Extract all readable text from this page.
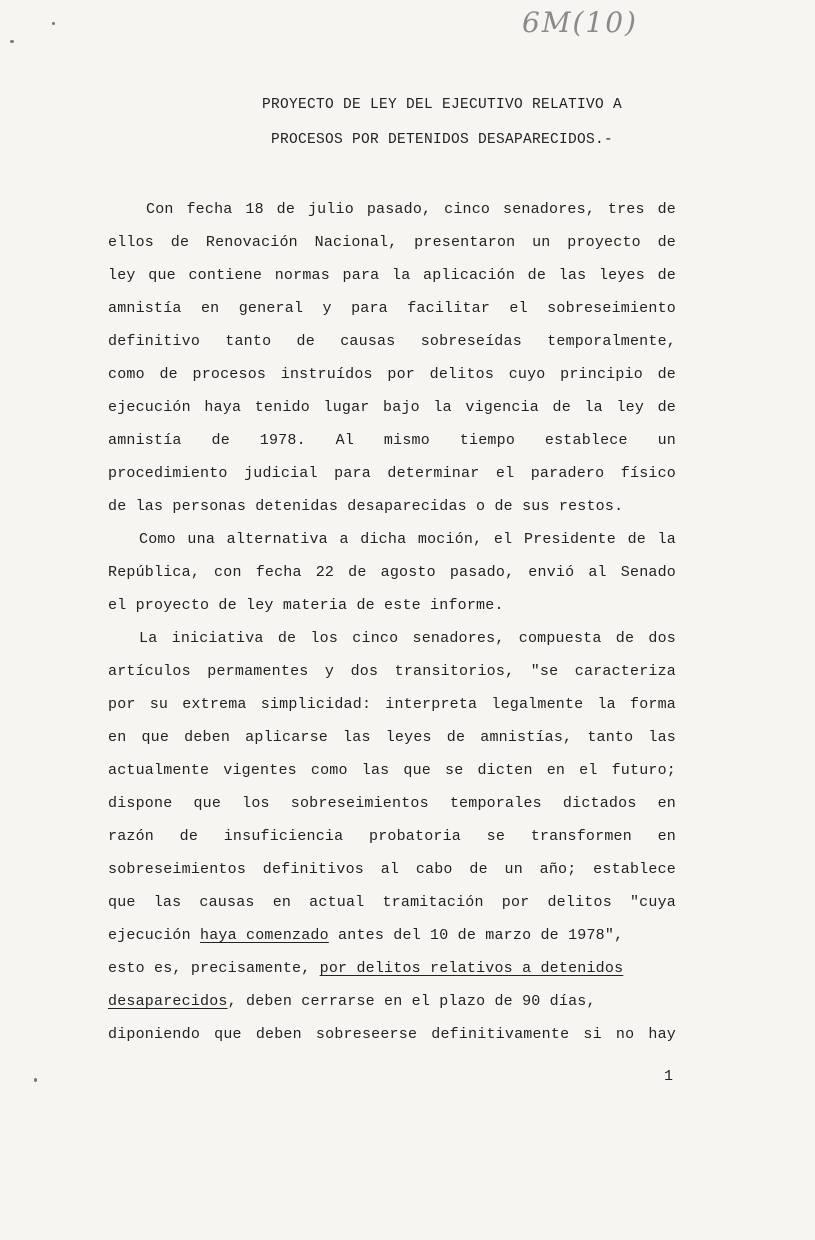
6M(10)
PROYECTO DE LEY DEL EJECUTIVO RELATIVO A
PROCESOS POR DETENIDOS DESAPARECIDOS.-
Con fecha 18 de julio pasado, cinco senadores, tres de
ellos de Renovación Nacional, presentaron un proyecto de
ley que contiene normas para la aplicación de las leyes de
amnistía en general y para facilitar el sobreseimiento
definitivo tanto de causas sobreseídas temporalmente,
como de procesos instruídos por delitos cuyo principio de
ejecución haya tenido lugar bajo la vigencia de la ley de
amnistía de 1978. Al mismo tiempo establece un
procedimiento judicial para determinar el paradero físico
de las personas detenidas desaparecidas o de sus restos.
Como una alternativa a dicha moción, el Presidente de la
República, con fecha 22 de agosto pasado, envió al Senado
el proyecto de ley materia de este informe.
La iniciativa de los cinco senadores, compuesta de dos
artículos permamentes y dos transitorios, "se caracteriza
por su extrema simplicidad: interpreta legalmente la forma
en que deben aplicarse las leyes de amnistías, tanto las
actualmente vigentes como las que se dicten en el futuro;
dispone que los sobreseimientos temporales dictados en
razón de insuficiencia probatoria se transformen en
sobreseimientos definitivos al cabo de un año; establece
que las causas en actual tramitación por delitos "cuya
ejecución haya comenzado antes del 10 de marzo de 1978",
esto es, precisamente, por delitos relativos a detenidos
desaparecidos, deben cerrarse en el plazo de 90 días,
diponiendo que deben sobreseerse definitivamente si no hay
1
